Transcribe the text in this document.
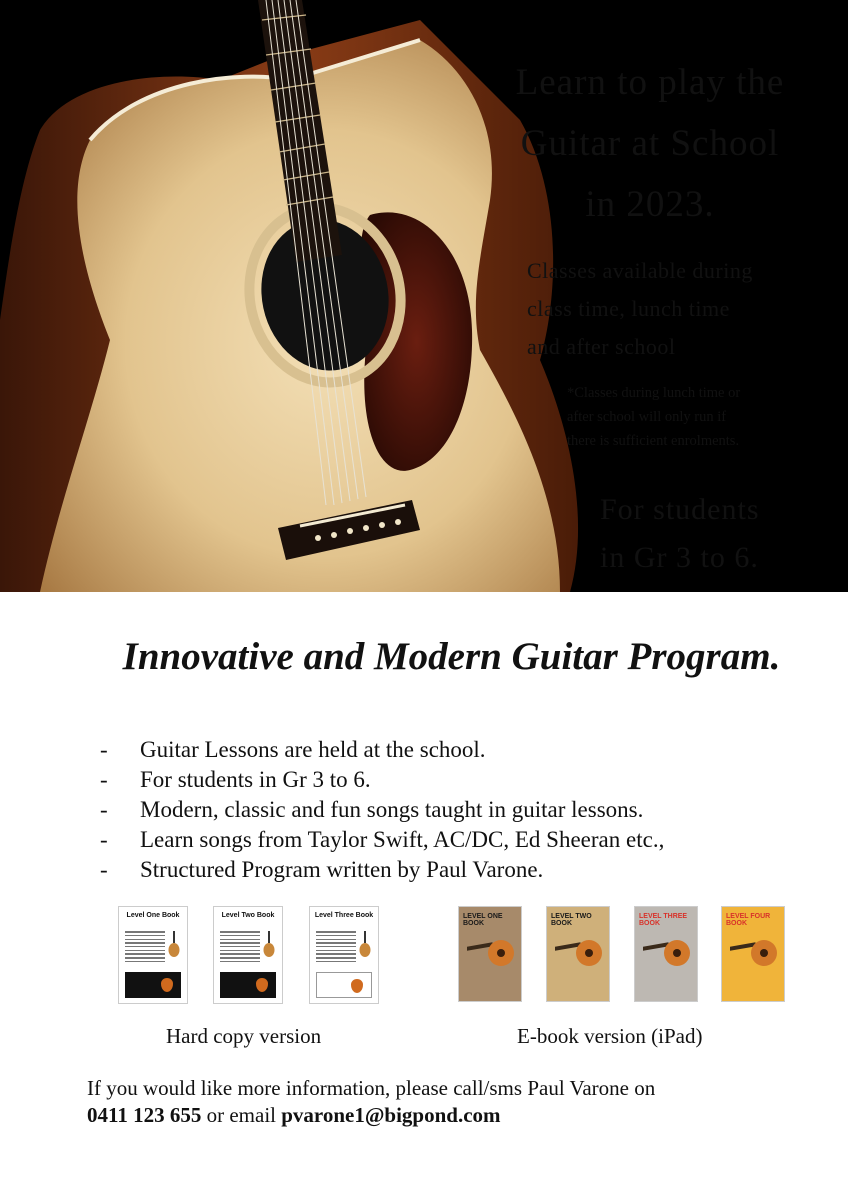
Learn to play the
Guitar at School
in 2023.
Classes available during
class time, lunch time
and after school
*Classes during lunch time or
after school will only run if
there is sufficient enrolments.
For students
in Gr 3 to 6.
Innovative and Modern Guitar Program.
-	Guitar Lessons are held at the school.
-	For students in Gr 3 to 6.
-	Modern, classic and fun songs taught in guitar lessons.
-	Learn songs from Taylor Swift, AC/DC, Ed Sheeran etc.,
-	Structured Program written by Paul Varone.
Level One Book	Level Two Book	Level Three Book	LEVEL ONE BOOK
LEVEL TWO BOOK
LEVEL THREE BOOK
LEVEL FOUR BOOK
Hard copy version	E-book version (iPad)
If you would like more information, please call/sms Paul Varone on
0411 123 655 or email pvarone1@bigpond.com
